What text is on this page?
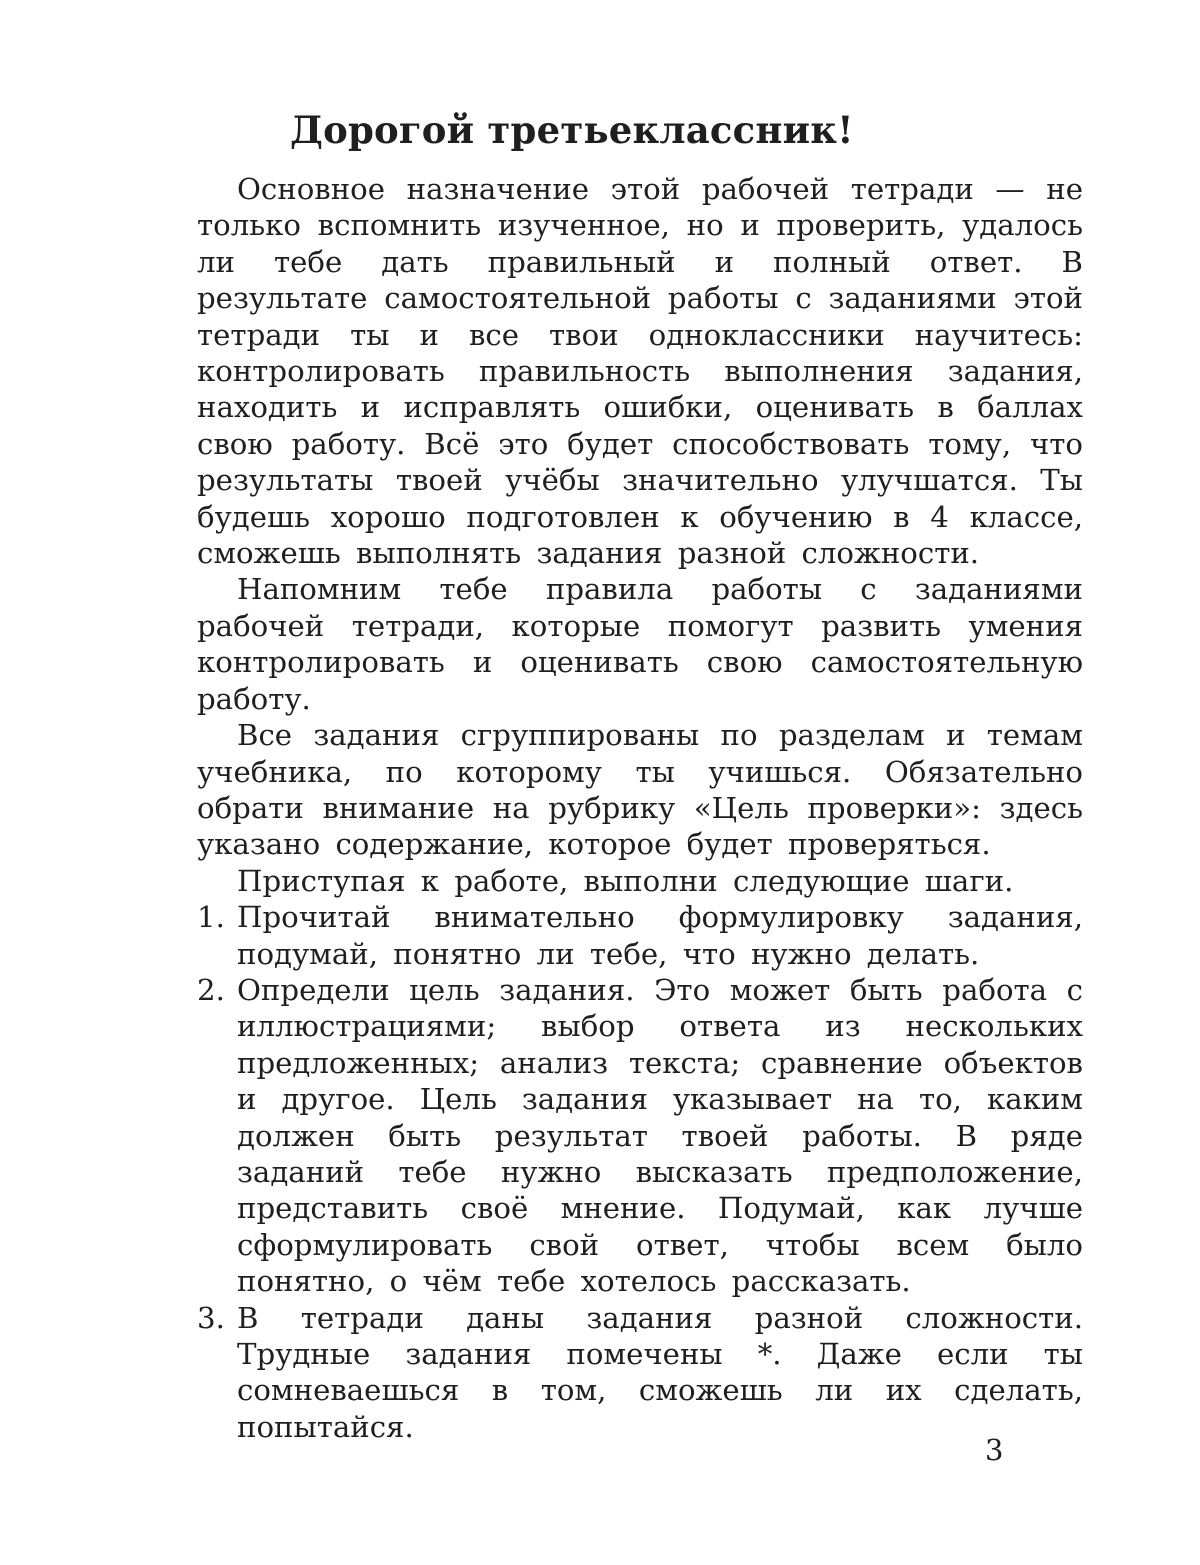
Дорогой третьеклассник!

Основное назначение этой рабочей тетради — не только вспомнить изученное, но и проверить, удалось ли тебе дать правильный и полный ответ. В результате самостоятельной работы с заданиями этой тетради ты и все твои одноклассники научитесь: контролировать правильность выполнения задания, находить и исправлять ошибки, оценивать в баллах свою работу. Всё это будет способствовать тому, что результаты твоей учёбы значительно улучшатся. Ты будешь хорошо подготовлен к обучению в 4 классе, сможешь выполнять задания разной сложности.

Напомним тебе правила работы с заданиями рабочей тетради, которые помогут развить умения контролировать и оценивать свою самостоятельную работу.

Все задания сгруппированы по разделам и темам учебника, по которому ты учишься. Обязательно обрати внимание на рубрику «Цель проверки»: здесь указано содержание, которое будет проверяться.

Приступая к работе, выполни следующие шаги.

1. Прочитай внимательно формулировку задания, подумай, понятно ли тебе, что нужно делать.
2. Определи цель задания. Это может быть работа с иллюстрациями; выбор ответа из нескольких предложенных; анализ текста; сравнение объектов и другое. Цель задания указывает на то, каким должен быть результат твоей работы. В ряде заданий тебе нужно высказать предположение, представить своё мнение. Подумай, как лучше сформулировать свой ответ, чтобы всем было понятно, о чём тебе хотелось рассказать.
3. В тетради даны задания разной сложности. Трудные задания помечены *. Даже если ты сомневаешься в том, сможешь ли их сделать, попытайся.
3
